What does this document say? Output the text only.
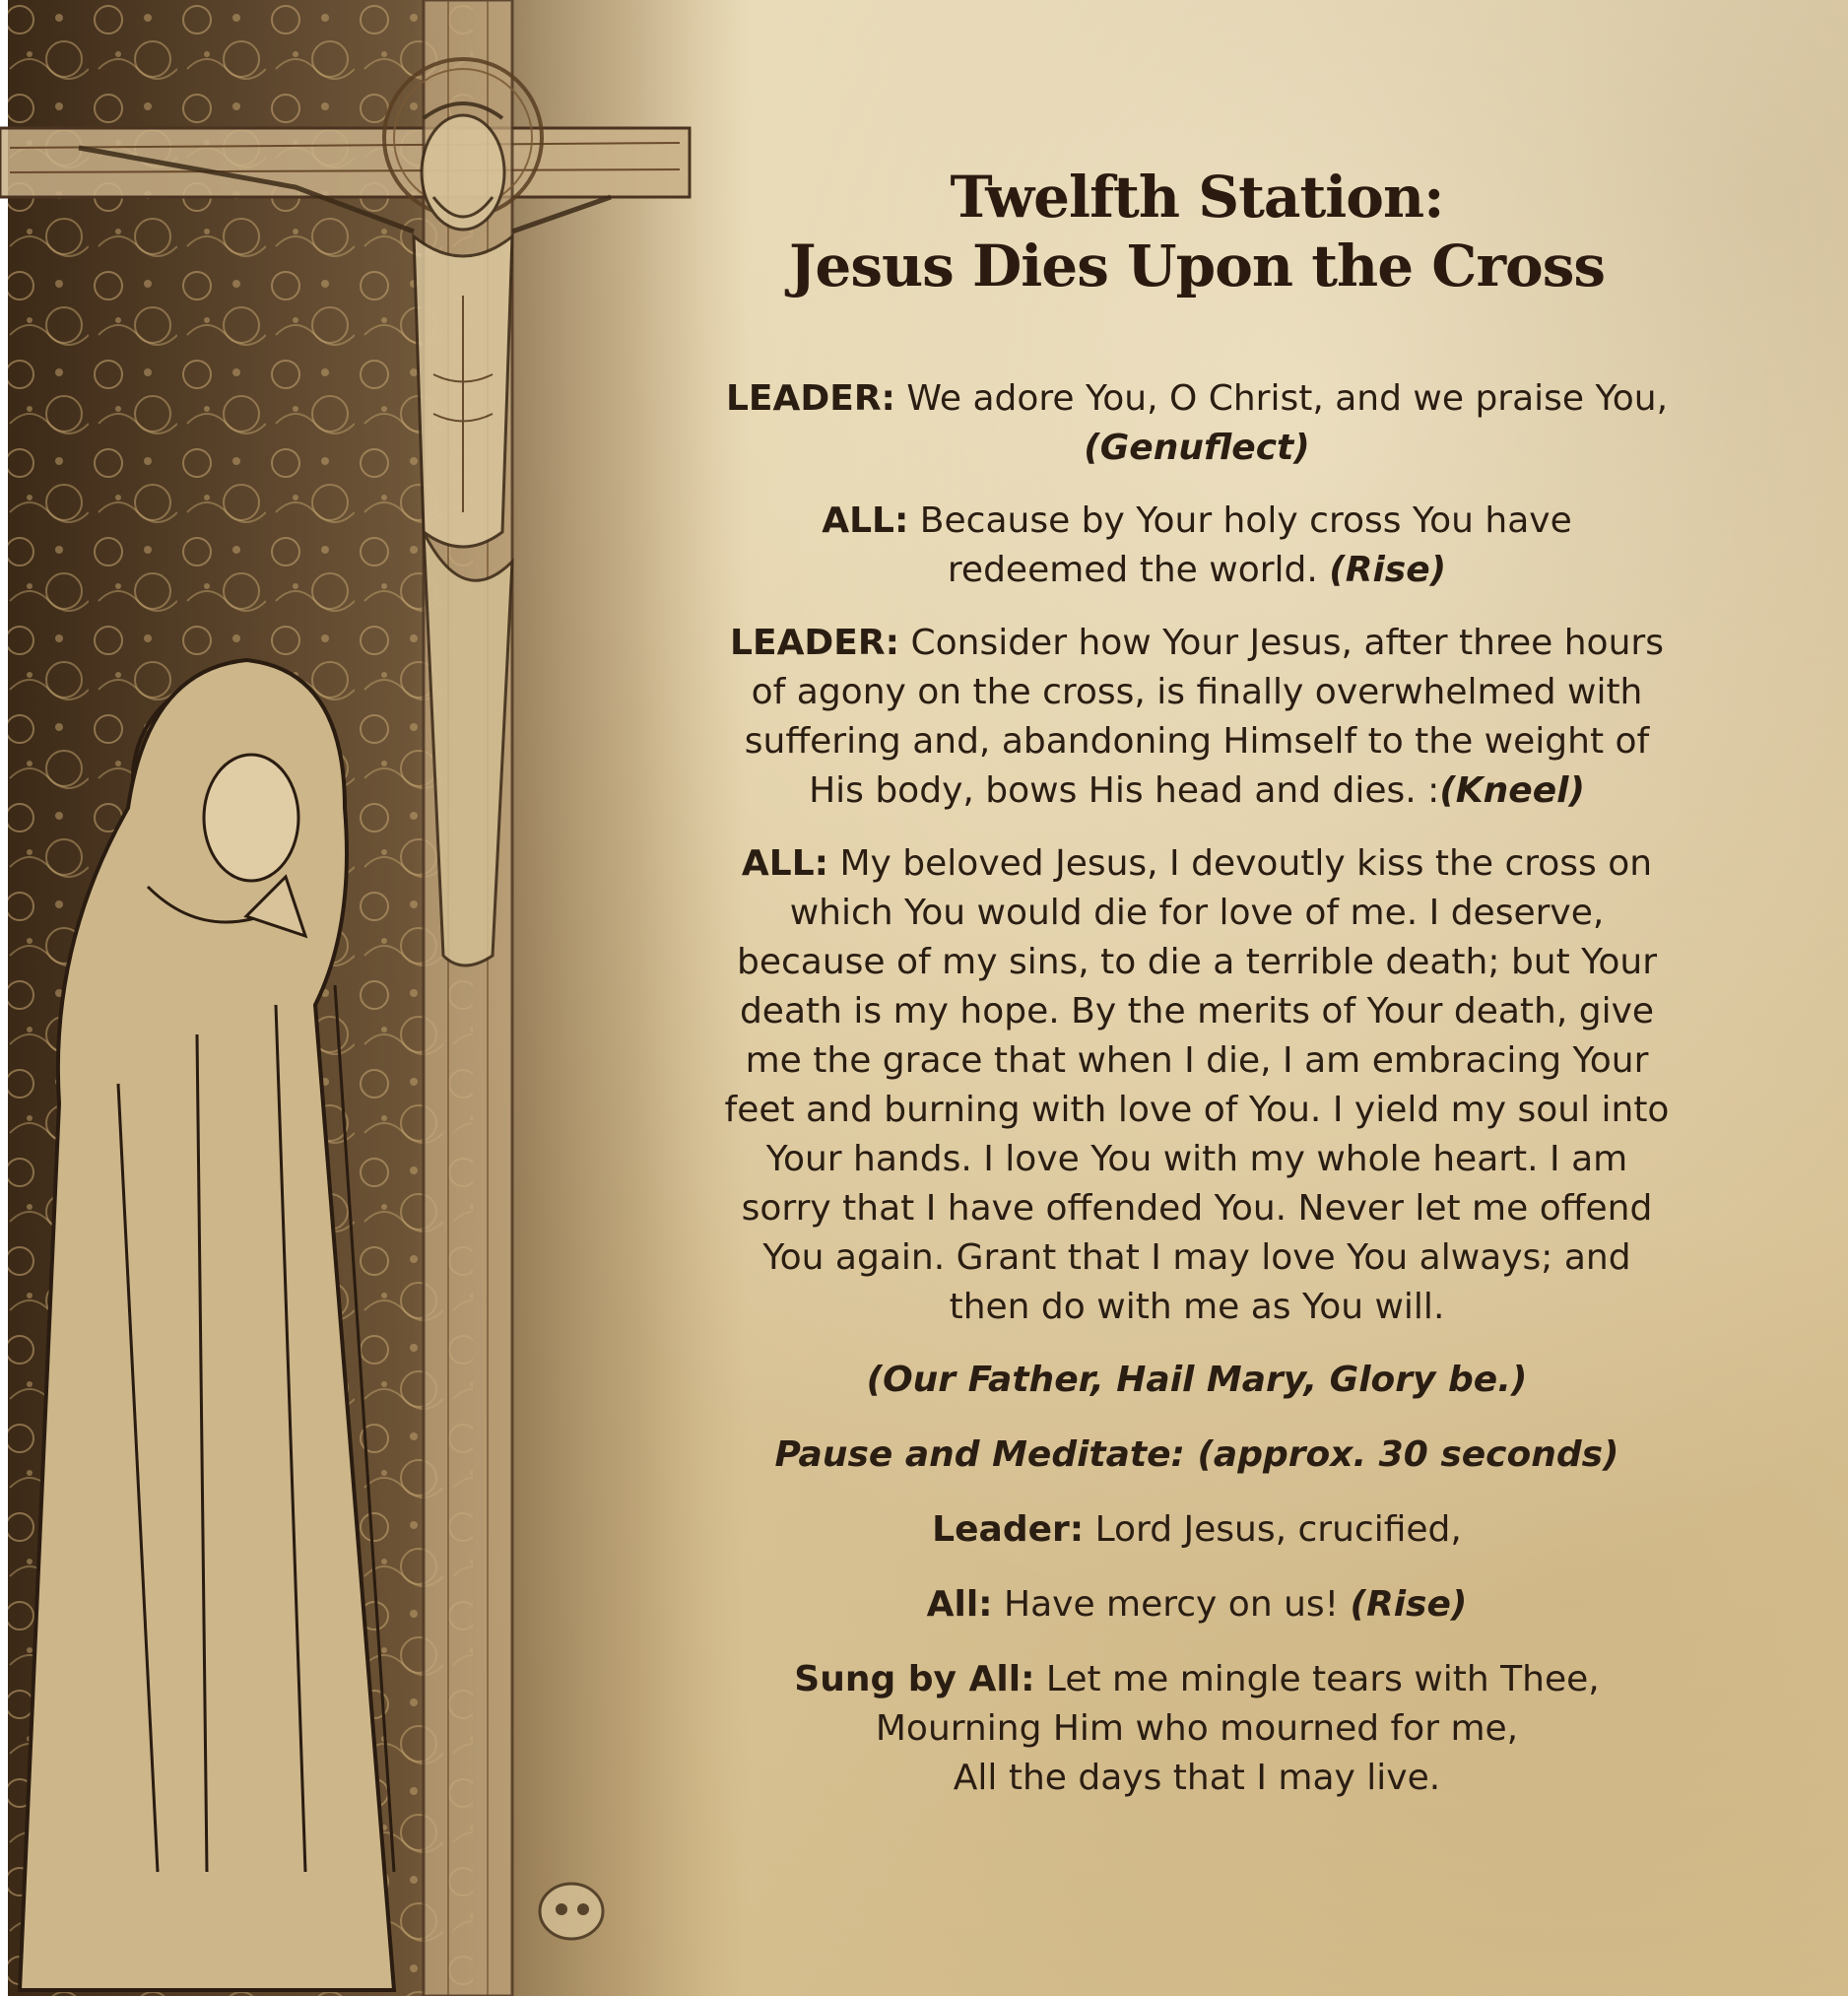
Twelfth Station:
Jesus Dies Upon the Cross

LEADER: We adore You, O Christ, and we praise You,
(Genuflect)

ALL: Because by Your holy cross You have
redeemed the world. (Rise)

LEADER: Consider how Your Jesus, after three hours
of agony on the cross, is finally overwhelmed with
suffering and, abandoning Himself to the weight of
His body, bows His head and dies. :(Kneel)

ALL: My beloved Jesus, I devoutly kiss the cross on
which You would die for love of me. I deserve,
because of my sins, to die a terrible death; but Your
death is my hope. By the merits of Your death, give
me the grace that when I die, I am embracing Your
feet and burning with love of You. I yield my soul into
Your hands. I love You with my whole heart. I am
sorry that I have offended You. Never let me offend
You again. Grant that I may love You always; and
then do with me as You will.

(Our Father, Hail Mary, Glory be.)

Pause and Meditate: (approx. 30 seconds)

Leader: Lord Jesus, crucified,

All: Have mercy on us! (Rise)

Sung by All: Let me mingle tears with Thee,
Mourning Him who mourned for me,
All the days that I may live.
